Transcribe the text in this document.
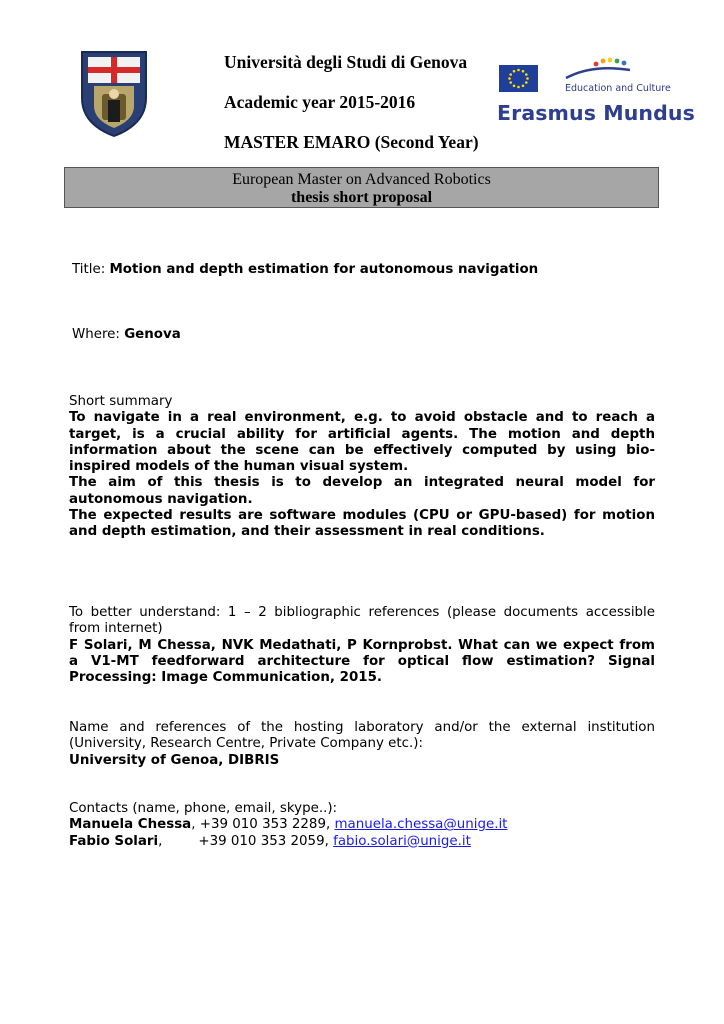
Università degli Studi di Genova
Academic year 2015-2016
MASTER EMARO (Second Year)
Education and Culture
Erasmus Mundus
European Master on Advanced Robotics
thesis short proposal
Title: Motion and depth estimation for autonomous navigation
Where: Genova
Short summary
To navigate in a real environment, e.g. to avoid obstacle and to reach a target, is a crucial ability for artificial agents. The motion and depth information about the scene can be effectively computed by using bio-inspired models of the human visual system.
The aim of this thesis is to develop an integrated neural model for autonomous navigation.
The expected results are software modules (CPU or GPU-based) for motion and depth estimation, and their assessment in real conditions.
To better understand: 1 – 2 bibliographic references (please documents accessible from internet)
F Solari, M Chessa, NVK Medathati, P Kornprobst. What can we expect from a V1-MT feedforward architecture for optical flow estimation? Signal Processing: Image Communication, 2015.
Name and references of the hosting laboratory and/or the external institution (University, Research Centre, Private Company etc.):
University of Genoa, DIBRIS
Contacts (name, phone, email, skype..):
Manuela Chessa, +39 010 353 2289, manuela.chessa@unige.it
Fabio Solari,	+39 010 353 2059, fabio.solari@unige.it
